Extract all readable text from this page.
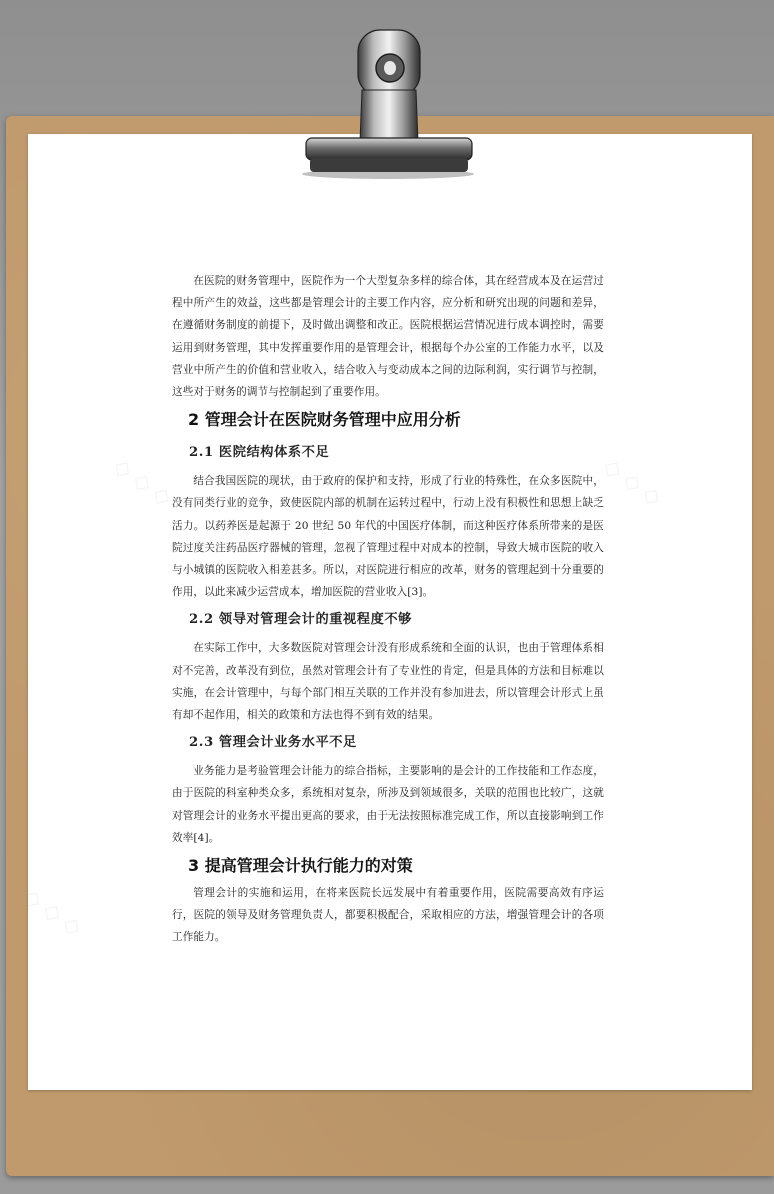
在医院的财务管理中，医院作为一个大型复杂多样的综合体，其在经营成本及在运营过程中所产生的效益，这些都是管理会计的主要工作内容，应分析和研究出现的问题和差异，在遵循财务制度的前提下，及时做出调整和改正。医院根据运营情况进行成本调控时，需要运用到财务管理，其中发挥重要作用的是管理会计，根据每个办公室的工作能力水平，以及营业中所产生的价值和营业收入，结合收入与变动成本之间的边际利润，实行调节与控制，这些对于财务的调节与控制起到了重要作用。

2 管理会计在医院财务管理中应用分析
2.1 医院结构体系不足

结合我国医院的现状，由于政府的保护和支持，形成了行业的特殊性，在众多医院中，没有同类行业的竞争，致使医院内部的机制在运转过程中，行动上没有积极性和思想上缺乏活力。以药养医是起源于 20 世纪 50 年代的中国医疗体制，而这种医疗体系所带来的是医院过度关注药品医疗器械的管理，忽视了管理过程中对成本的控制，导致大城市医院的收入与小城镇的医院收入相差甚多。所以，对医院进行相应的改革，财务的管理起到十分重要的作用，以此来减少运营成本，增加医院的营业收入[3]。

2.2 领导对管理会计的重视程度不够

在实际工作中，大多数医院对管理会计没有形成系统和全面的认识，也由于管理体系相对不完善，改革没有到位，虽然对管理会计有了专业性的肯定，但是具体的方法和目标难以实施，在会计管理中，与每个部门相互关联的工作并没有参加进去，所以管理会计形式上虽有却不起作用，相关的政策和方法也得不到有效的结果。

2.3 管理会计业务水平不足

业务能力是考验管理会计能力的综合指标，主要影响的是会计的工作技能和工作态度，由于医院的科室种类众多，系统相对复杂，所涉及到领域很多，关联的范围也比较广，这就对管理会计的业务水平提出更高的要求，由于无法按照标准完成工作，所以直接影响到工作效率[4]。

3 提高管理会计执行能力的对策

管理会计的实施和运用，在将来医院长远发展中有着重要作用，医院需要高效有序运行，医院的领导及财务管理负责人，都要积极配合，采取相应的方法，增强管理会计的各项工作能力。
